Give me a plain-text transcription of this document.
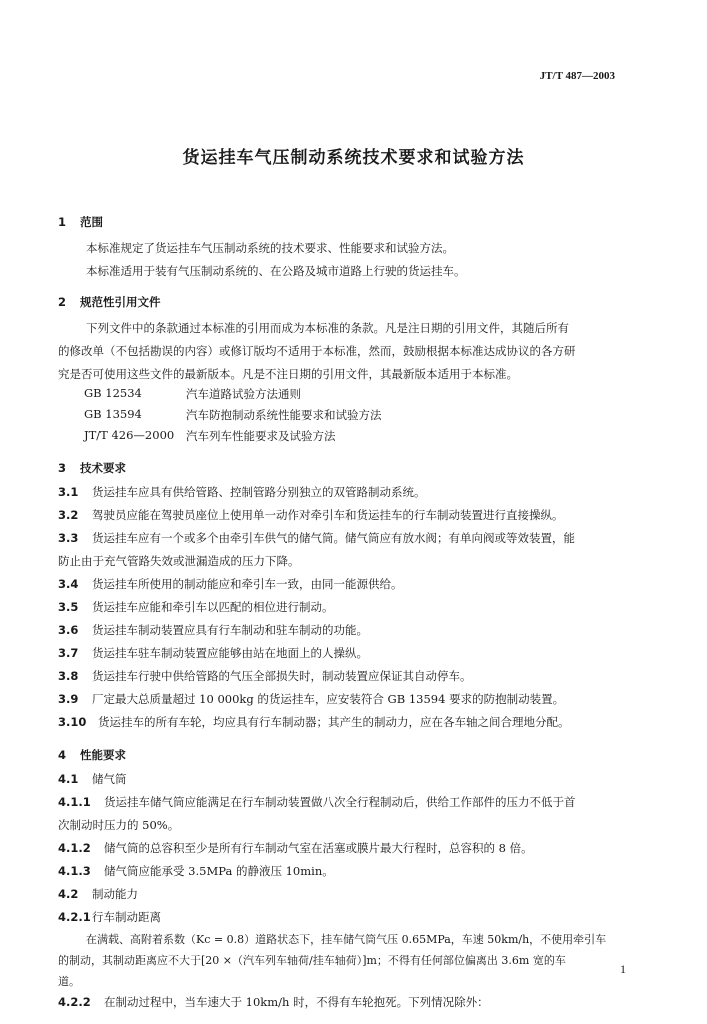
JT/T 487—2003
货运挂车气压制动系统技术要求和试验方法
1 范围
本标准规定了货运挂车气压制动系统的技术要求、性能要求和试验方法。
本标准适用于装有气压制动系统的、在公路及城市道路上行驶的货运挂车。
2 规范性引用文件
下列文件中的条款通过本标准的引用而成为本标准的条款。凡是注日期的引用文件，其随后所有
的修改单（不包括勘误的内容）或修订版均不适用于本标准，然而，鼓励根据本标准达成协议的各方研
究是否可使用这些文件的最新版本。凡是不注日期的引用文件，其最新版本适用于本标准。
GB 12534	汽车道路试验方法通则
GB 13594	汽车防抱制动系统性能要求和试验方法
JT/T 426—2000 汽车列车性能要求及试验方法
3 技术要求
3.1 货运挂车应具有供给管路、控制管路分别独立的双管路制动系统。
3.2 驾驶员应能在驾驶员座位上使用单一动作对牵引车和货运挂车的行车制动装置进行直接操纵。
3.3 货运挂车应有一个或多个由牵引车供气的储气筒。储气筒应有放水阀；有单向阀或等效装置，能
防止由于充气管路失效或泄漏造成的压力下降。
3.4 货运挂车所使用的制动能应和牵引车一致，由同一能源供给。
3.5 货运挂车应能和牵引车以匹配的相位进行制动。
3.6 货运挂车制动装置应具有行车制动和驻车制动的功能。
3.7 货运挂车驻车制动装置应能够由站在地面上的人操纵。
3.8 货运挂车行驶中供给管路的气压全部损失时，制动装置应保证其自动停车。
3.9 厂定最大总质量超过 10 000kg 的货运挂车，应安装符合 GB 13594 要求的防抱制动装置。
3.10 货运挂车的所有车轮，均应具有行车制动器；其产生的制动力，应在各车轴之间合理地分配。
4 性能要求
4.1 储气筒
4.1.1 货运挂车储气筒应能满足在行车制动装置做八次全行程制动后，供给工作部件的压力不低于首
次制动时压力的 50%。
4.1.2 储气筒的总容积至少是所有行车制动气室在活塞或膜片最大行程时，总容积的 8 倍。
4.1.3 储气筒应能承受 3.5MPa 的静液压 10min。
4.2 制动能力
4.2.1行车制动距离
在满载、高附着系数（Kc = 0.8）道路状态下，挂车储气筒气压 0.65MPa，车速 50km/h，不使用牵引车
的制动，其制动距离应不大于[20 ×（汽车列车轴荷/挂车轴荷）]m；不得有任何部位偏离出 3.6m 宽的车
道。
4.2.2 在制动过程中，当车速大于 10km/h 时，不得有车轮抱死。下列情况除外：
1
